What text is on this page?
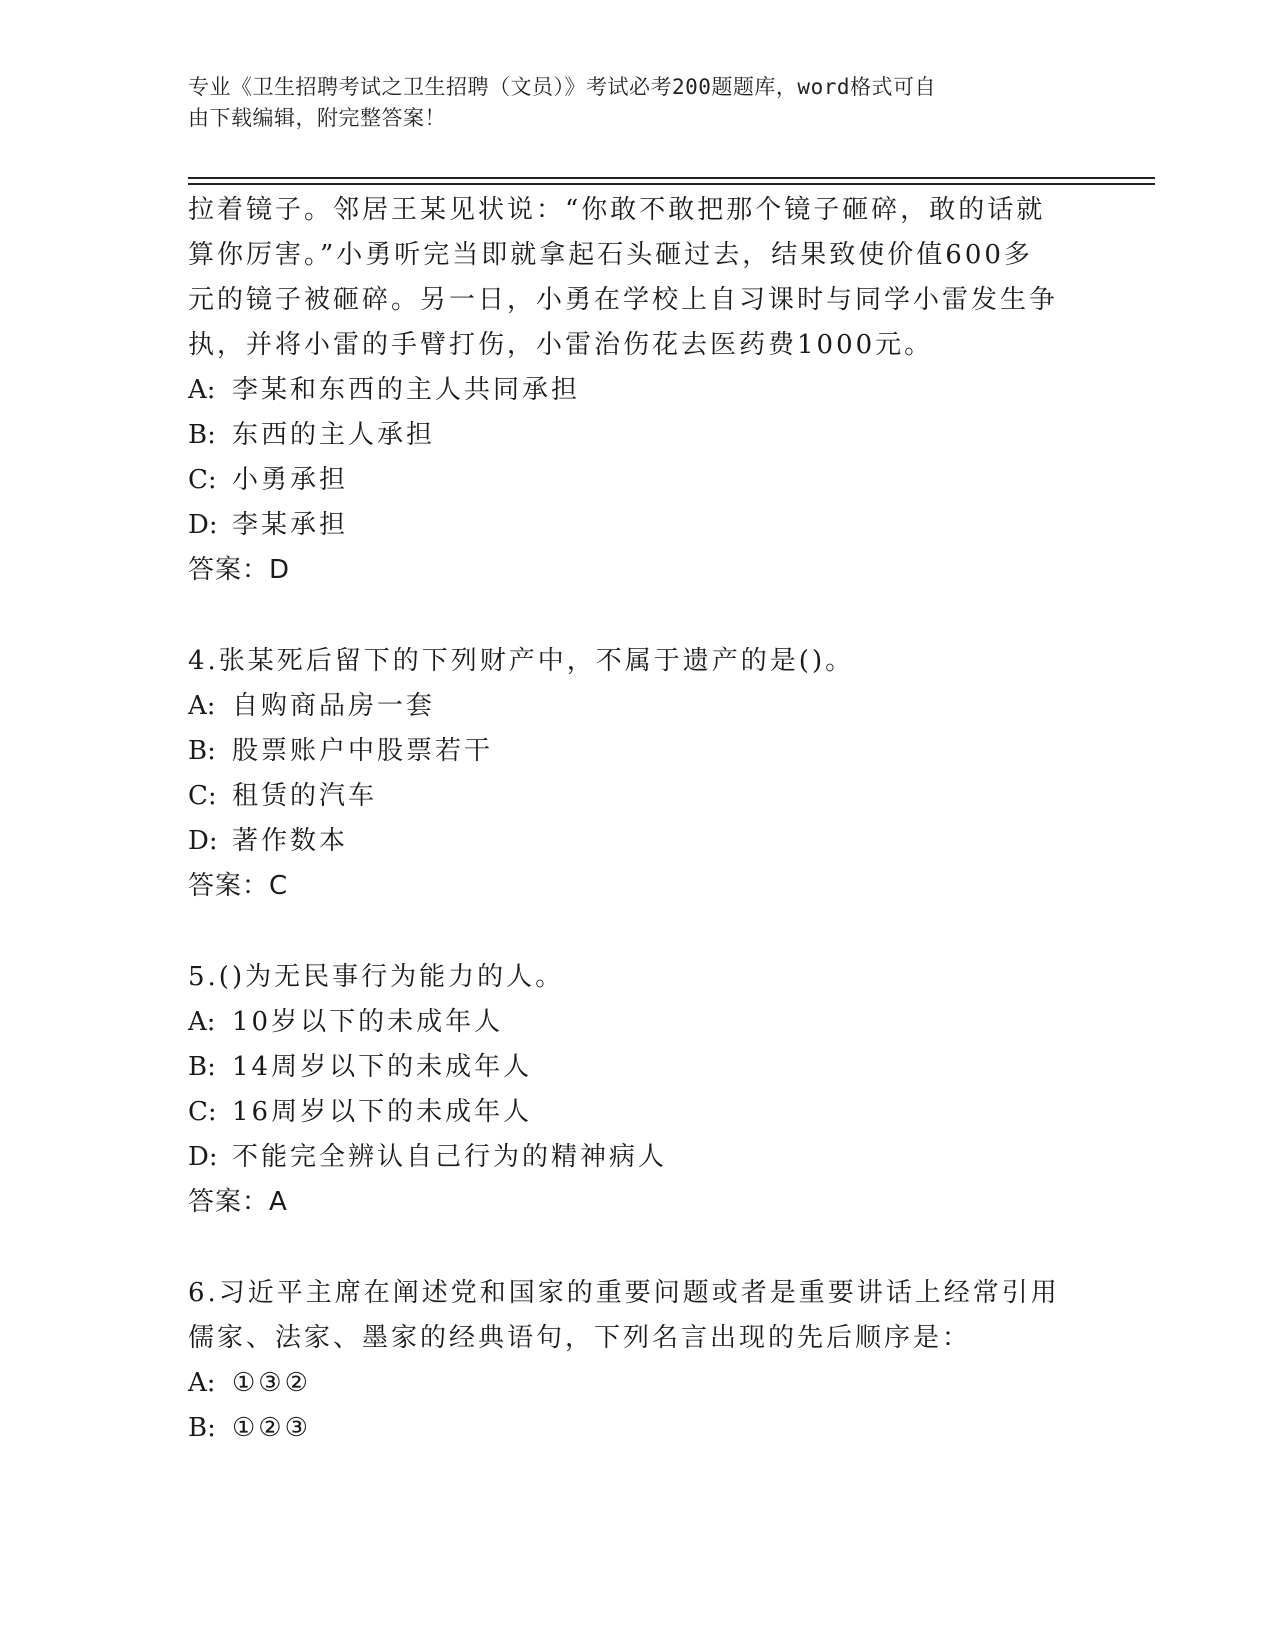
专业《卫生招聘考试之卫生招聘（文员）》考试必考200题题库，word格式可自
由下载编辑，附完整答案！
拉着镜子。邻居王某见状说：“你敢不敢把那个镜子砸碎，敢的话就
算你厉害。”小勇听完当即就拿起石头砸过去，结果致使价值600多
元的镜子被砸碎。另一日，小勇在学校上自习课时与同学小雷发生争
执，并将小雷的手臂打伤，小雷治伤花去医药费1000元。
A: 李某和东西的主人共同承担
B: 东西的主人承担
C: 小勇承担
D: 李某承担
答案：D
4.张某死后留下的下列财产中，不属于遗产的是()。
A: 自购商品房一套
B: 股票账户中股票若干
C: 租赁的汽车
D: 著作数本
答案：C
5.()为无民事行为能力的人。
A: 10岁以下的未成年人
B: 14周岁以下的未成年人
C: 16周岁以下的未成年人
D: 不能完全辨认自己行为的精神病人
答案：A
6.习近平主席在阐述党和国家的重要问题或者是重要讲话上经常引用
儒家、法家、墨家的经典语句，下列名言出现的先后顺序是：
A: ①③②
B: ①②③
